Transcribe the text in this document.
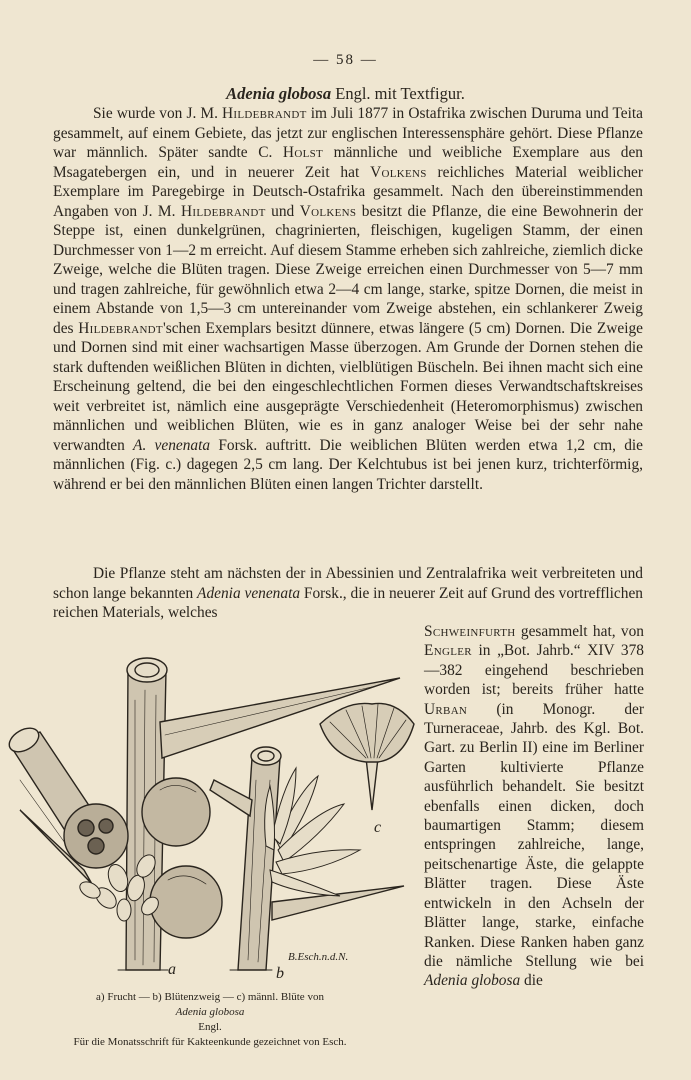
— 58 —
Adenia globosa Engl. mit Textfigur.

Sie wurde von J. M. Hildebrandt im Juli 1877 in Ostafrika zwischen Duruma und Teita gesammelt, auf einem Gebiete, das jetzt zur englischen Interessensphäre gehört. Diese Pflanze war männlich. Später sandte C. Holst männliche und weibliche Exemplare aus den Msagatebergen ein, und in neuerer Zeit hat Volkens reichliches Material weiblicher Exemplare im Paregebirge in Deutsch-Ostafrika gesammelt. Nach den übereinstimmenden Angaben von J. M. Hildebrandt und Volkens besitzt die Pflanze, die eine Bewohnerin der Steppe ist, einen dunkelgrünen, chagrinierten, fleischigen, kugeligen Stamm, der einen Durchmesser von 1—2 m erreicht. Auf diesem Stamme erheben sich zahlreiche, ziemlich dicke Zweige, welche die Blüten tragen. Diese Zweige erreichen einen Durchmesser von 5—7 mm und tragen zahlreiche, für gewöhnlich etwa 2—4 cm lange, starke, spitze Dornen, die meist in einem Abstande von 1,5—3 cm untereinander vom Zweige abstehen, ein schlankerer Zweig des Hildebrandt'schen Exemplars besitzt dünnere, etwas längere (5 cm) Dornen. Die Zweige und Dornen sind mit einer wachsartigen Masse überzogen. Am Grunde der Dornen stehen die stark duftenden weißlichen Blüten in dichten, vielblütigen Büscheln. Bei ihnen macht sich eine Erscheinung geltend, die bei den eingeschlechtlichen Formen dieses Verwandtschaftskreises weit verbreitet ist, nämlich eine ausgeprägte Verschiedenheit (Heteromorphismus) zwischen männlichen und weiblichen Blüten, wie es in ganz analoger Weise bei der sehr nahe verwandten A. venenata Forsk. auftritt. Die weiblichen Blüten werden etwa 1,2 cm, die männlichen (Fig. c.) dagegen 2,5 cm lang. Der Kelchtubus ist bei jenen kurz, trichterförmig, während er bei den männlichen Blüten einen langen Trichter darstellt.

Die Pflanze steht am nächsten der in Abessinien und Zentralafrika weit verbreiteten und schon lange bekannten Adenia venenata Forsk., die in neuerer Zeit auf Grund des vortrefflichen reichen Materials, welches

Schweinfurth gesammelt hat, von Engler in „Bot. Jahrb.“ XIV 378—382 eingehend beschrieben worden ist; bereits früher hatte Urban (in Monogr. der Turneraceae, Jahrb. des Kgl. Bot. Gart. zu Berlin II) eine im Berliner Garten kultivierte Pflanze ausführlich behandelt. Sie besitzt ebenfalls einen dicken, doch baumartigen Stamm; diesem entspringen zahlreiche, lange, peitschenartige Äste, die gelappte Blätter tragen. Diese Äste entwickeln in den Achseln der Blätter lange, starke, einfache Ranken. Diese Ranken haben ganz die nämliche Stellung wie bei Adenia globosa die

a	b
c
B.Esch.n.d.N.
a) Frucht — b) Blütenzweig — c) männl. Blüte von
Adenia globosa
Engl.
Für die Monatsschrift für Kakteenkunde gezeichnet von Esch.
